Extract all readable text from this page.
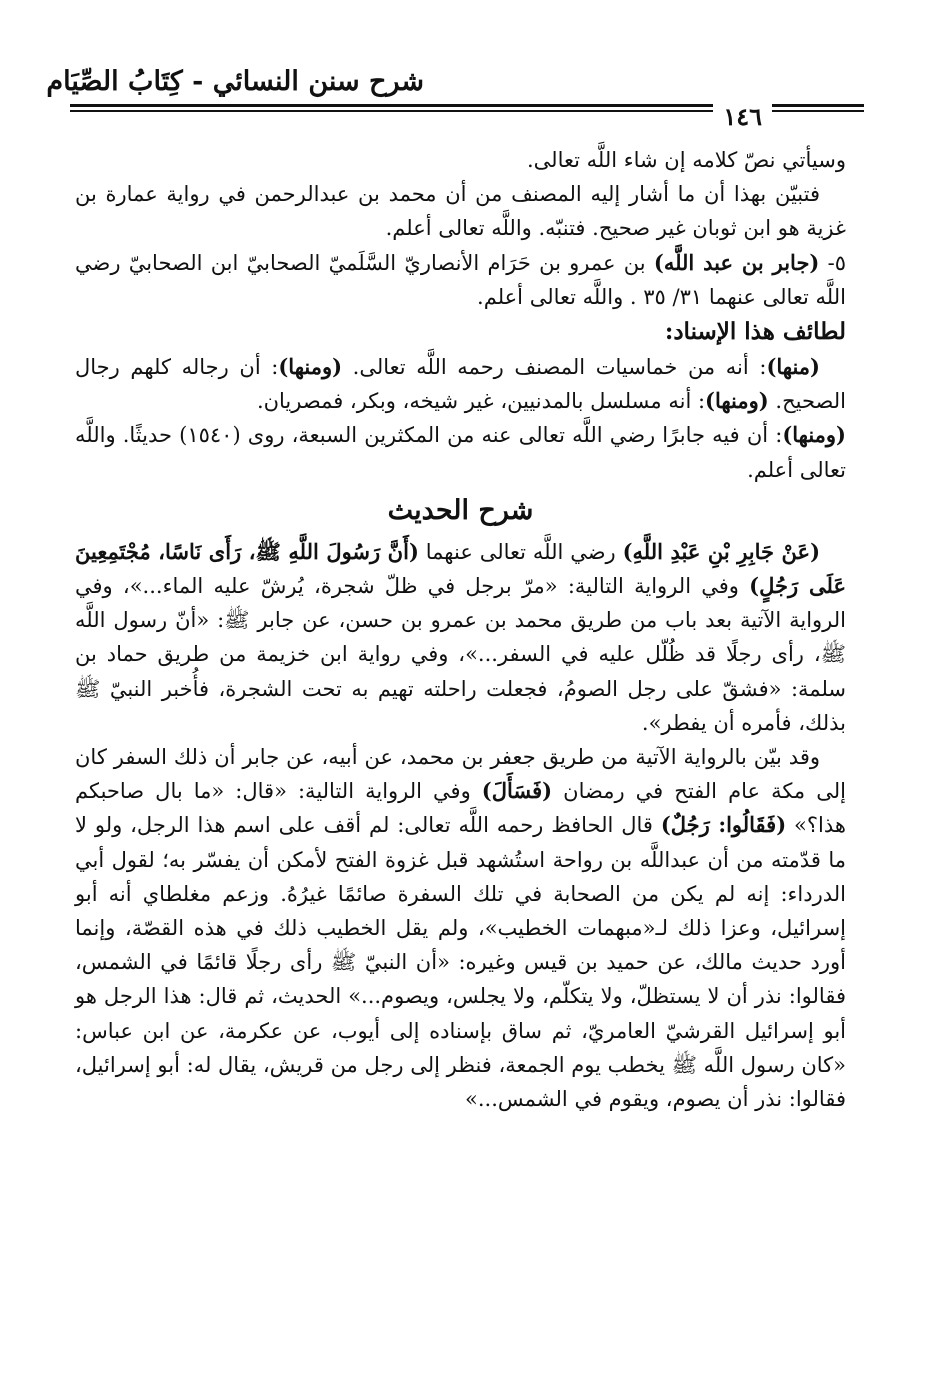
شرح سنن النسائي - كِتَابُ الصِّيَام
١٤٦

وسيأتي نصّ كلامه إن شاء اللَّه تعالى.

فتبيّن بهذا أن ما أشار إليه المصنف من أن محمد بن عبدالرحمن في رواية عمارة بن غزية هو ابن ثوبان غير صحيح. فتنبّه. واللَّه تعالى أعلم.

٥- (جابر بن عبد اللَّه) بن عمرو بن حَرَام الأنصاريّ السَّلَميّ الصحابيّ ابن الصحابيّ رضي اللَّه تعالى عنهما ٣١/ ٣٥ . واللَّه تعالى أعلم.

لطائف هذا الإسناد:

(منها): أنه من خماسيات المصنف رحمه اللَّه تعالى. (ومنها): أن رجاله كلهم رجال الصحيح. (ومنها): أنه مسلسل بالمدنيين، غير شيخه، وبكر، فمصريان.

(ومنها): أن فيه جابرًا رضي اللَّه تعالى عنه من المكثرين السبعة، روى (١٥٤٠) حديثًا. واللَّه تعالى أعلم.

شرح الحديث

(عَنْ جَابِرِ بْنِ عَبْدِ اللَّهِ) رضي اللَّه تعالى عنهما (أَنَّ رَسُولَ اللَّهِ ﷺ، رَأَى نَاسًا، مُجْتَمِعِينَ عَلَى رَجُلٍ) وفي الرواية التالية: «مرّ برجل في ظلّ شجرة، يُرشّ عليه الماء...»، وفي الرواية الآتية بعد باب من طريق محمد بن عمرو بن حسن، عن جابر ﷺ: «أنّ رسول اللَّه ﷺ، رأى رجلًا قد ظُلّل عليه في السفر...»، وفي رواية ابن خزيمة من طريق حماد بن سلمة: «فشقّ على رجل الصومُ، فجعلت راحلته تهيم به تحت الشجرة، فأُخبر النبيّ ﷺ بذلك، فأمره أن يفطر».

وقد بيّن بالرواية الآتية من طريق جعفر بن محمد، عن أبيه، عن جابر أن ذلك السفر كان إلى مكة عام الفتح في رمضان (فَسَأَلَ) وفي الرواية التالية: «قال: «ما بال صاحبكم هذا؟» (فَقَالُوا: رَجُلٌ) قال الحافظ رحمه اللَّه تعالى: لم أقف على اسم هذا الرجل، ولو لا ما قدّمته من أن عبداللَّه بن رواحة استُشهد قبل غزوة الفتح لأمكن أن يفسّر به؛ لقول أبي الدرداء: إنه لم يكن من الصحابة في تلك السفرة صائمًا غيرُهُ. وزعم مغلطاي أنه أبو إسرائيل، وعزا ذلك لـ«مبهمات الخطيب»، ولم يقل الخطيب ذلك في هذه القصّة، وإنما أورد حديث مالك، عن حميد بن قيس وغيره: «أن النبيّ ﷺ رأى رجلًا قائمًا في الشمس، فقالوا: نذر أن لا يستظلّ، ولا يتكلّم، ولا يجلس، ويصوم...» الحديث، ثم قال: هذا الرجل هو أبو إسرائيل القرشيّ العامريّ، ثم ساق بإسناده إلى أيوب، عن عكرمة، عن ابن عباس: «كان رسول اللَّه ﷺ يخطب يوم الجمعة، فنظر إلى رجل من قريش، يقال له: أبو إسرائيل، فقالوا: نذر أن يصوم، ويقوم في الشمس...»
